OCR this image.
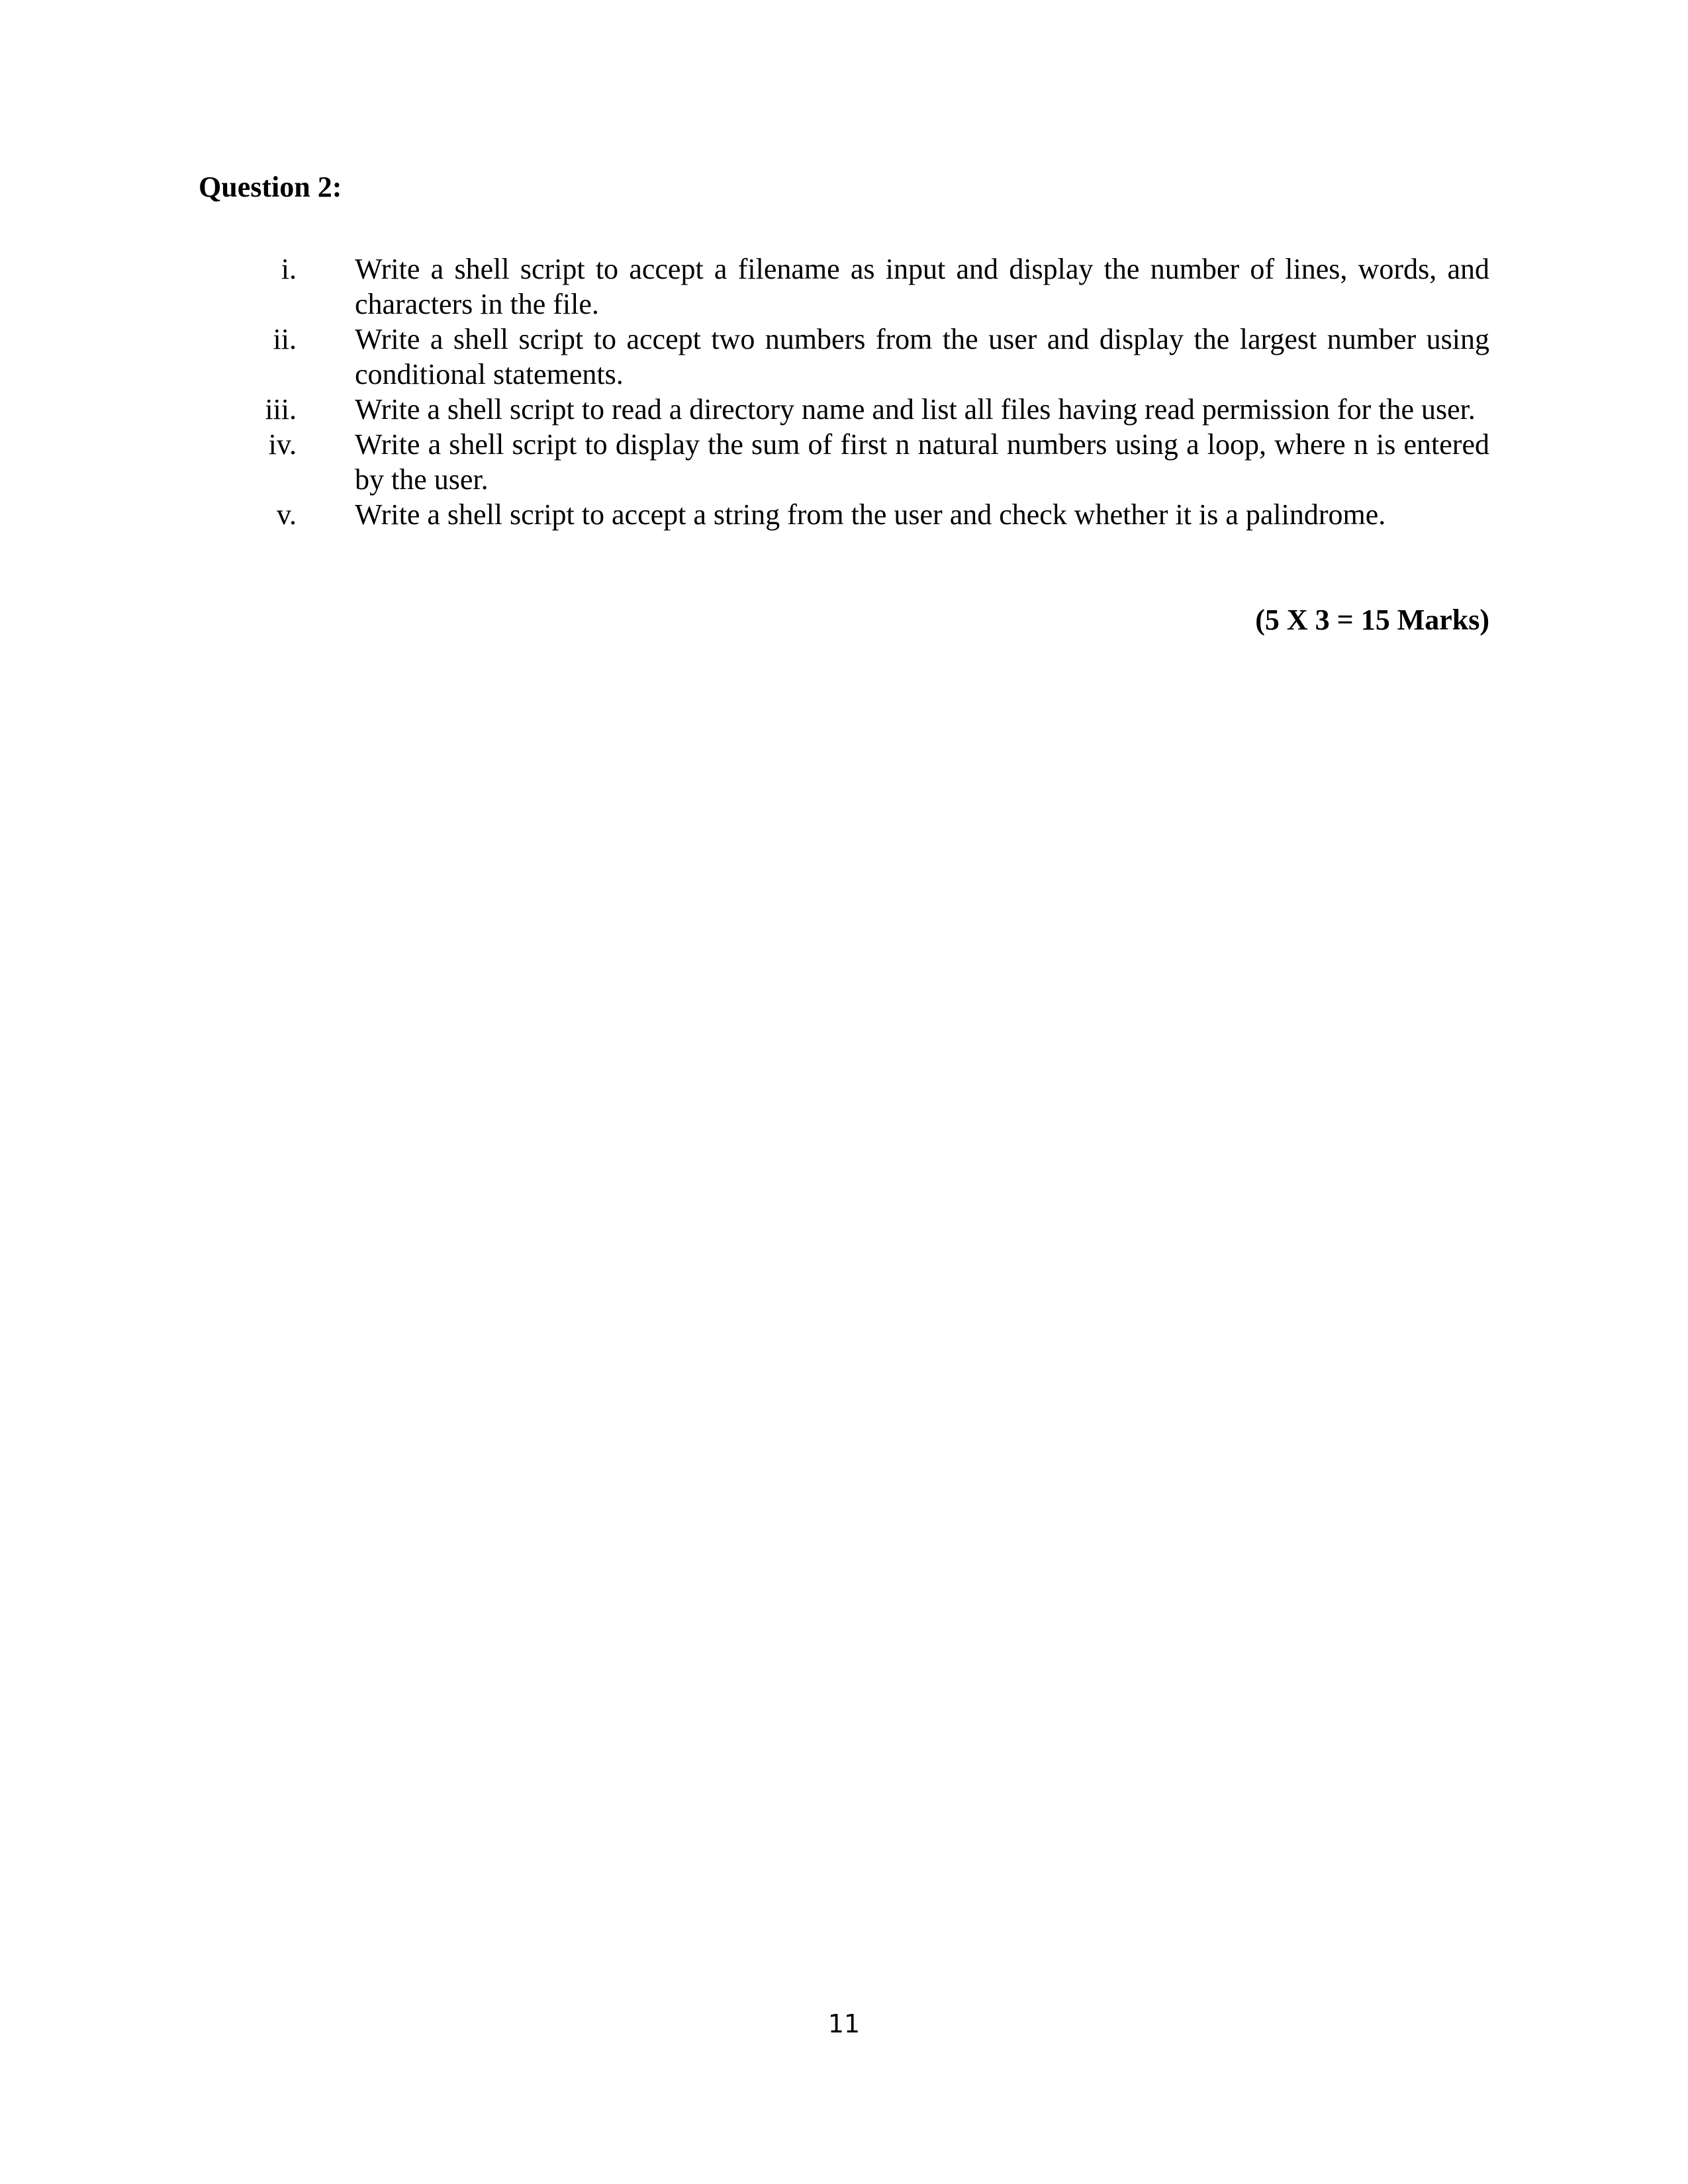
Question 2:
i. Write a shell script to accept a filename as input and display the number of lines, words, and characters in the file.
ii. Write a shell script to accept two numbers from the user and display the largest number using conditional statements.
iii. Write a shell script to read a directory name and list all files having read permission for the user.
iv. Write a shell script to display the sum of first n natural numbers using a loop, where n is entered by the user.
v. Write a shell script to accept a string from the user and check whether it is a palindrome.

(5 X 3 = 15 Marks)

11
